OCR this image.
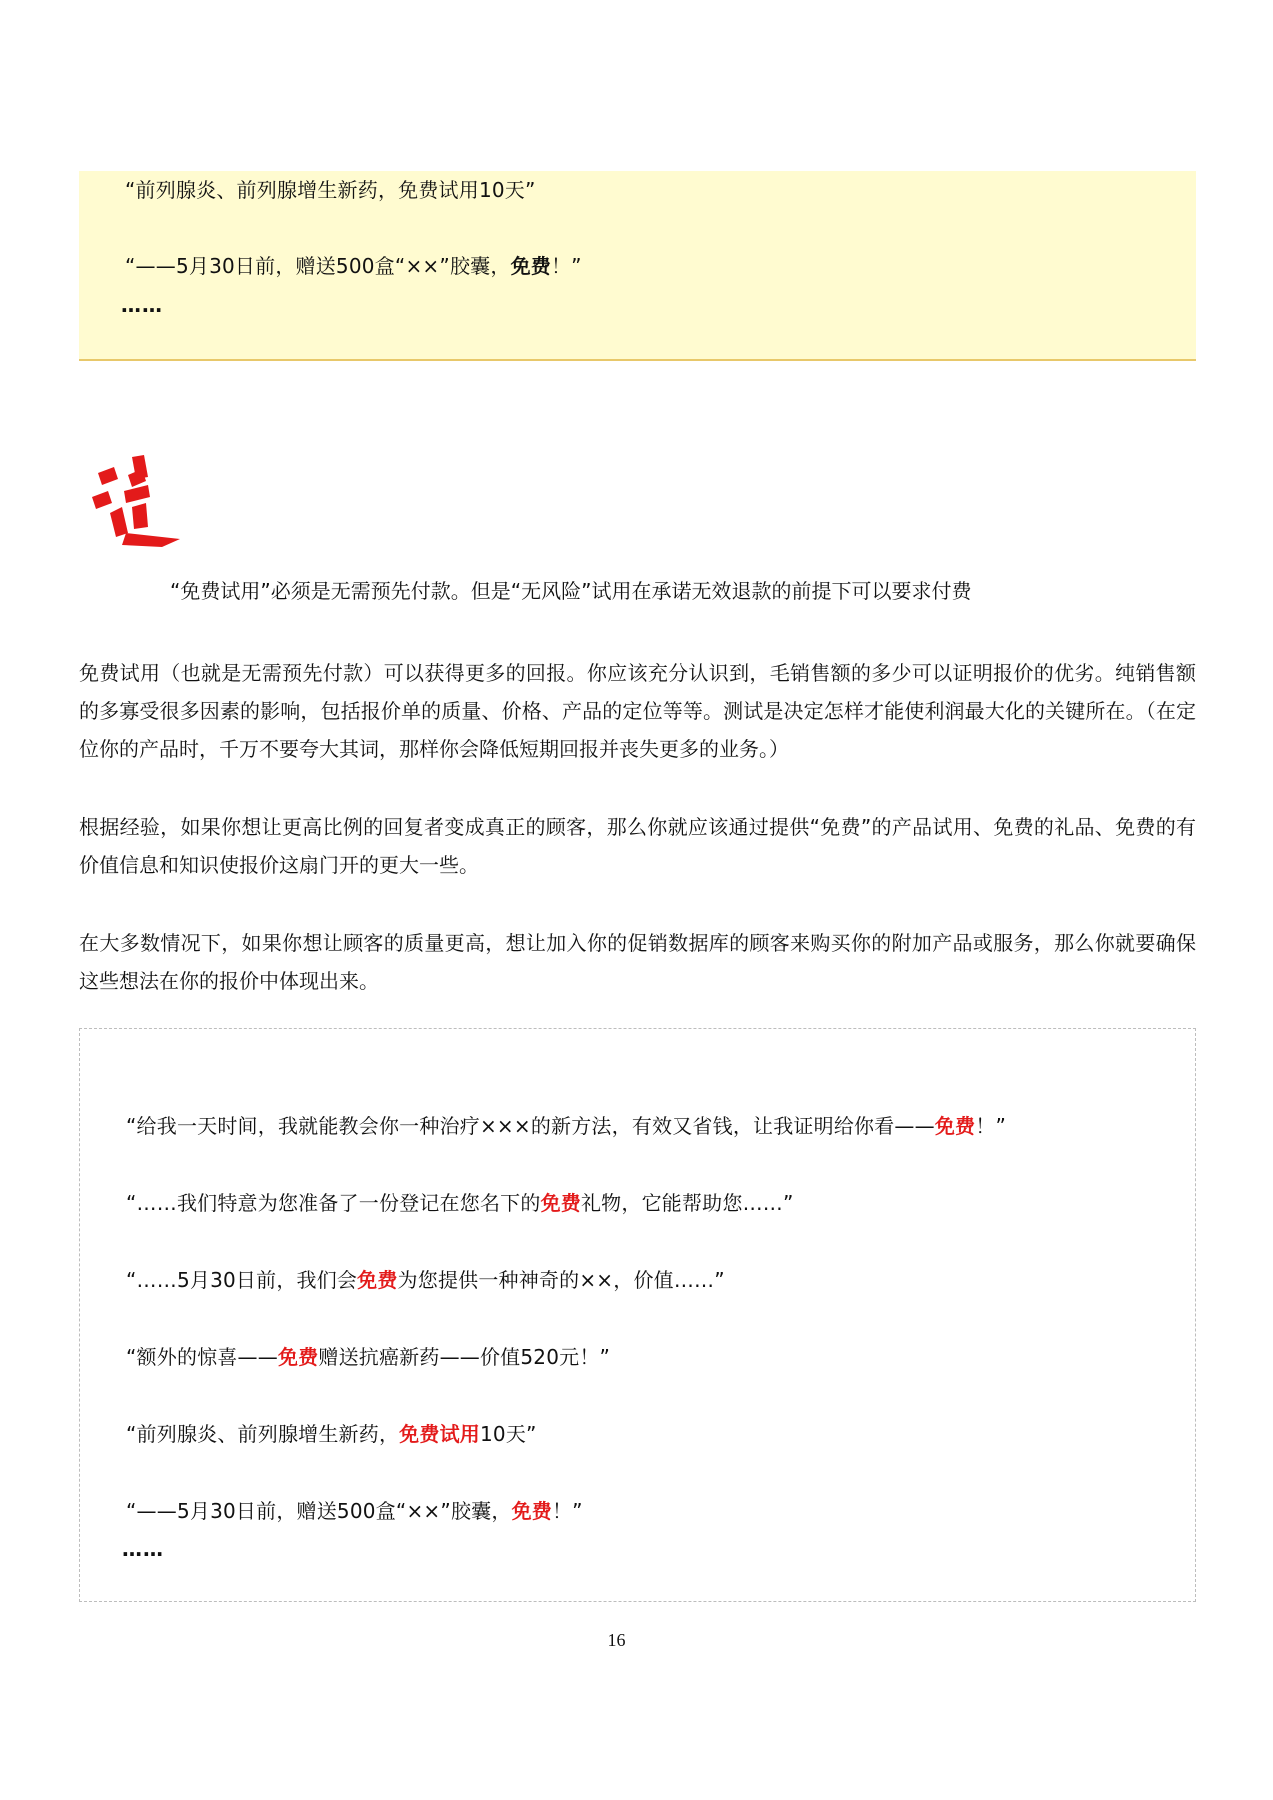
“前列腺炎、前列腺增生新药，免费试用10天”
“——5月30日前，赠送500盒“××”胶囊，免费！”
……
“免费试用”必须是无需预先付款。但是“无风险”试用在承诺无效退款的前提下可以要求付费
免费试用（也就是无需预先付款）可以获得更多的回报。你应该充分认识到，毛销售额的多少可以证明报价的优劣。纯销售额的多寡受很多因素的影响，包括报价单的质量、价格、产品的定位等等。测试是决定怎样才能使利润最大化的关键所在。（在定位你的产品时，千万不要夸大其词，那样你会降低短期回报并丧失更多的业务。）
根据经验，如果你想让更高比例的回复者变成真正的顾客，那么你就应该通过提供“免费”的产品试用、免费的礼品、免费的有价值信息和知识使报价这扇门开的更大一些。
在大多数情况下，如果你想让顾客的质量更高，想让加入你的促销数据库的顾客来购买你的附加产品或服务，那么你就要确保这些想法在你的报价中体现出来。
“给我一天时间，我就能教会你一种治疗×××的新方法，有效又省钱，让我证明给你看——免费！”
“……我们特意为您准备了一份登记在您名下的免费礼物，它能帮助您……”
“……5月30日前，我们会免费为您提供一种神奇的××，价值……”
“额外的惊喜——免费赠送抗癌新药——价值520元！”
“前列腺炎、前列腺增生新药，免费试用10天”
“——5月30日前，赠送500盒“××”胶囊，免费！”
……
16
